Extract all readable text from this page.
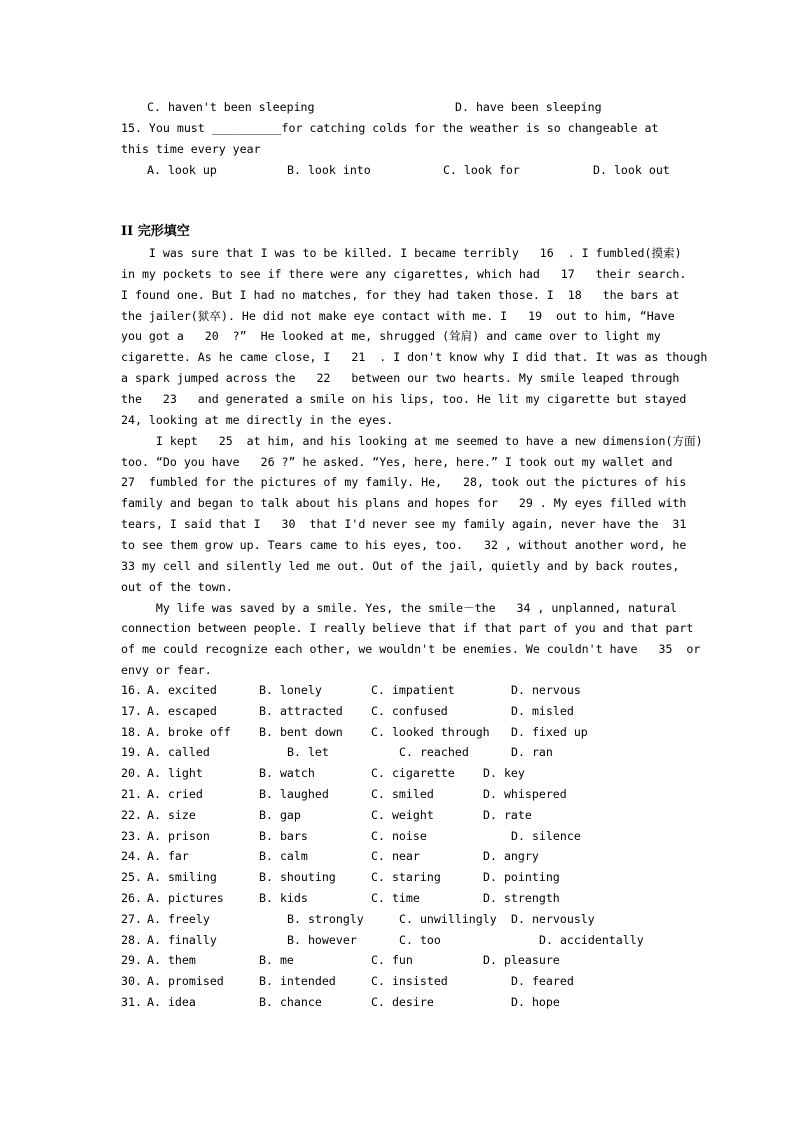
C. haven't been sleeping	D. have been sleeping
15. You must __________for catching colds for the weather is so changeable at
this time every year
A. look up	B. look into	C. look for	D. look out
II 完形填空
I was sure that I was to be killed. I became terribly   16  . I fumbled(摸索)
in my pockets to see if there were any cigarettes, which had   17   their search.
I found one. But I had no matches, for they had taken those. I  18   the bars at
the jailer(狱卒). He did not make eye contact with me. I   19  out to him, “Have
you got a   20  ?”  He looked at me, shrugged (耸肩) and came over to light my
cigarette. As he came close, I   21  . I don't know why I did that. It was as though
a spark jumped across the   22   between our two hearts. My smile leaped through
the   23   and generated a smile on his lips, too. He lit my cigarette but stayed
24, looking at me directly in the eyes.
I kept   25  at him, and his looking at me seemed to have a new dimension(方面)
too. “Do you have   26 ?” he asked. “Yes, here, here.” I took out my wallet and
27  fumbled for the pictures of my family. He,   28, took out the pictures of his
family and began to talk about his plans and hopes for   29 . My eyes filled with
tears, I said that I   30  that I'd never see my family again, never have the  31
to see them grow up. Tears came to his eyes, too.   32 , without another word, he
33 my cell and silently led me out. Out of the jail, quietly and by back routes,
out of the town.
My life was saved by a smile. Yes, the smile－the   34 , unplanned, natural
connection between people. I really believe that if that part of you and that part
of me could recognize each other, we wouldn't be enemies. We couldn't have   35  or
envy or fear.
16. A. excited	B. lonely	C. impatient	D. nervous
17. A. escaped	B. attracted C. confused	D. misled
18. A. broke off B. bent down C. looked through D. fixed up
19. A. called	B. let	C. reached	D. ran
20. A. light	B. watch	C. cigarette D. key
21. A. cried	B. laughed	C. smiled	D. whispered
22. A. size	B. gap	C. weight	D. rate
23. A. prison	B. bars	C. noise	D. silence
24. A. far	B. calm	C. near	D. angry
25. A. smiling	B. shouting	C. staring	D. pointing
26. A. pictures	B. kids	C. time	D. strength
27. A. freely	B. strongly	C. unwillingly D. nervously
28. A. finally	B. however	C. too	D. accidentally
29. A. them	B. me	C. fun	D. pleasure
30. A. promised	B. intended	C. insisted	D. feared
31. A. idea	B. chance	C. desire	D. hope
